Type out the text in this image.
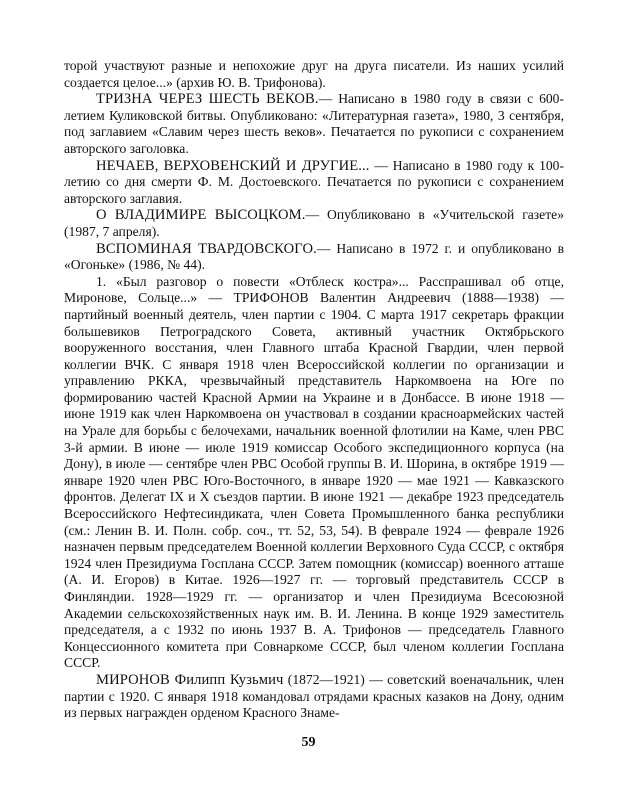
торой участвуют разные и непохожие друг на друга писатели. Из наших усилий создается целое...» (архив Ю. В. Трифонова).

ТРИЗНА ЧЕРЕЗ ШЕСТЬ ВЕКОВ.— Написано в 1980 году в связи с 600-летием Куликовской битвы. Опубликовано: «Литературная газета», 1980, 3 сентября, под заглавием «Славим через шесть веков». Печатается по рукописи с сохранением авторского заголовка.

НЕЧАЕВ, ВЕРХОВЕНСКИЙ И ДРУГИЕ... — Написано в 1980 году к 100-летию со дня смерти Ф. М. Достоевского. Печатается по рукописи с сохранением авторского заглавия.

О ВЛАДИМИРЕ ВЫСОЦКОМ.— Опубликовано в «Учительской газете» (1987, 7 апреля).

ВСПОМИНАЯ ТВАРДОВСКОГО.— Написано в 1972 г. и опубликовано в «Огоньке» (1986, № 44).

1. «Был разговор о повести «Отблеск костра»... Расспрашивал об отце, Миронове, Сольце...» — ТРИФОНОВ Валентин Андреевич (1888—1938) — партийный военный деятель, член партии с 1904. С марта 1917 секретарь фракции большевиков Петроградского Совета, активный участник Октябрьского вооруженного восстания, член Главного штаба Красной Гвардии, член первой коллегии ВЧК. С января 1918 член Всероссийской коллегии по организации и управлению РККА, чрезвычайный представитель Наркомвоена на Юге по формированию частей Красной Армии на Украине и в Донбассе. В июне 1918 — июне 1919 как член Наркомвоена он участвовал в создании красноармейских частей на Урале для борьбы с белочехами, начальник военной флотилии на Каме, член РВС 3-й армии. В июне — июле 1919 комиссар Особого экспедиционного корпуса (на Дону), в июле — сентябре член РВС Особой группы В. И. Шорина, в октябре 1919 — январе 1920 член РВС Юго-Восточного, в январе 1920 — мае 1921 — Кавказского фронтов. Делегат IX и X съездов партии. В июне 1921 — декабре 1923 председатель Всероссийского Нефтесиндиката, член Совета Промышленного банка республики (см.: Ленин В. И. Полн. собр. соч., тт. 52, 53, 54). В феврале 1924 — феврале 1926 назначен первым председателем Военной коллегии Верховного Суда СССР, с октября 1924 член Президиума Госплана СССР. Затем помощник (комиссар) военного атташе (А. И. Егоров) в Китае. 1926—1927 гг. — торговый представитель СССР в Финляндии. 1928—1929 гг. — организатор и член Президиума Всесоюзной Академии сельскохозяйственных наук им. В. И. Ленина. В конце 1929 заместитель председателя, а с 1932 по июнь 1937 В. А. Трифонов — председатель Главного Концессионного комитета при Совнаркоме СССР, был членом коллегии Госплана СССР.

МИРОНОВ Филипп Кузьмич (1872—1921) — советский военачальник, член партии с 1920. С января 1918 командовал отрядами красных казаков на Дону, одним из первых награжден орденом Красного Знаме-

59
